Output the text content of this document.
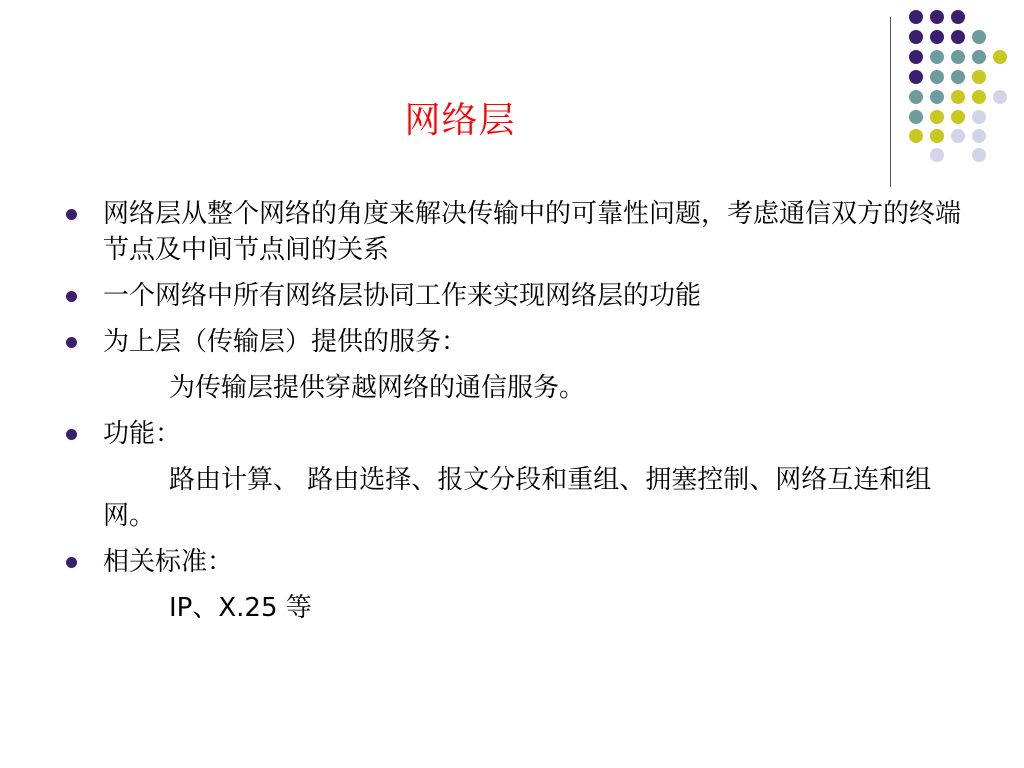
网络层
网络层从整个网络的角度来解决传输中的可靠性问题，考虑通信双方的终端节点及中间节点间的关系
一个网络中所有网络层协同工作来实现网络层的功能
为上层（传输层）提供的服务：
为传输层提供穿越网络的通信服务。
功能：
路由计算、 路由选择、报文分段和重组、拥塞控制、网络互连和组网。
相关标准：
IP、X.25 等
